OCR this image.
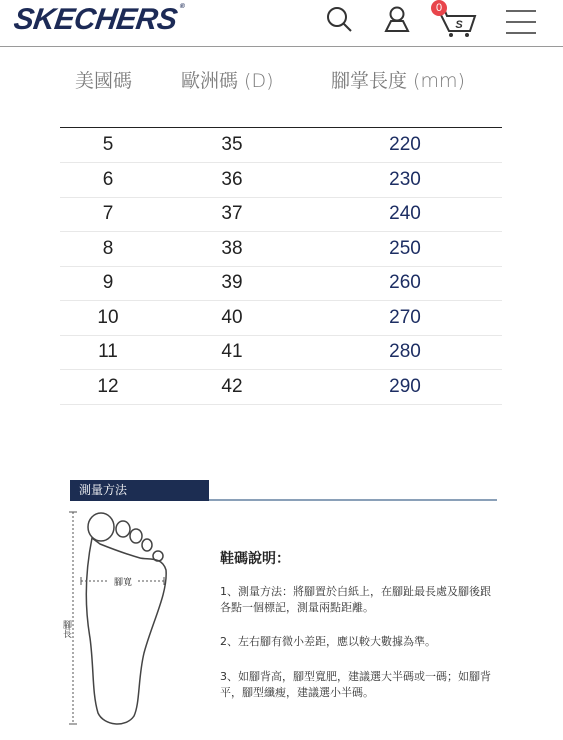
SKECHERS®
S
0
美國碼	歐洲碼 (D)	腳掌長度 (mm)
5	35	220
6	36	230
7	37	240
8	38	250
9	39	260
10	40	270
11	41	280
12	42	290
測量方法
腳寬
腳長
鞋碼說明：
1、測量方法：將腳置於白紙上，在腳趾最長處及腳後跟各點一個標記，測量兩點距離。
2、左右腳有微小差距，應以較大數據為準。
3、如腳背高，腳型寬肥，建議選大半碼或一碼；如腳背平，腳型纖瘦，建議選小半碼。
